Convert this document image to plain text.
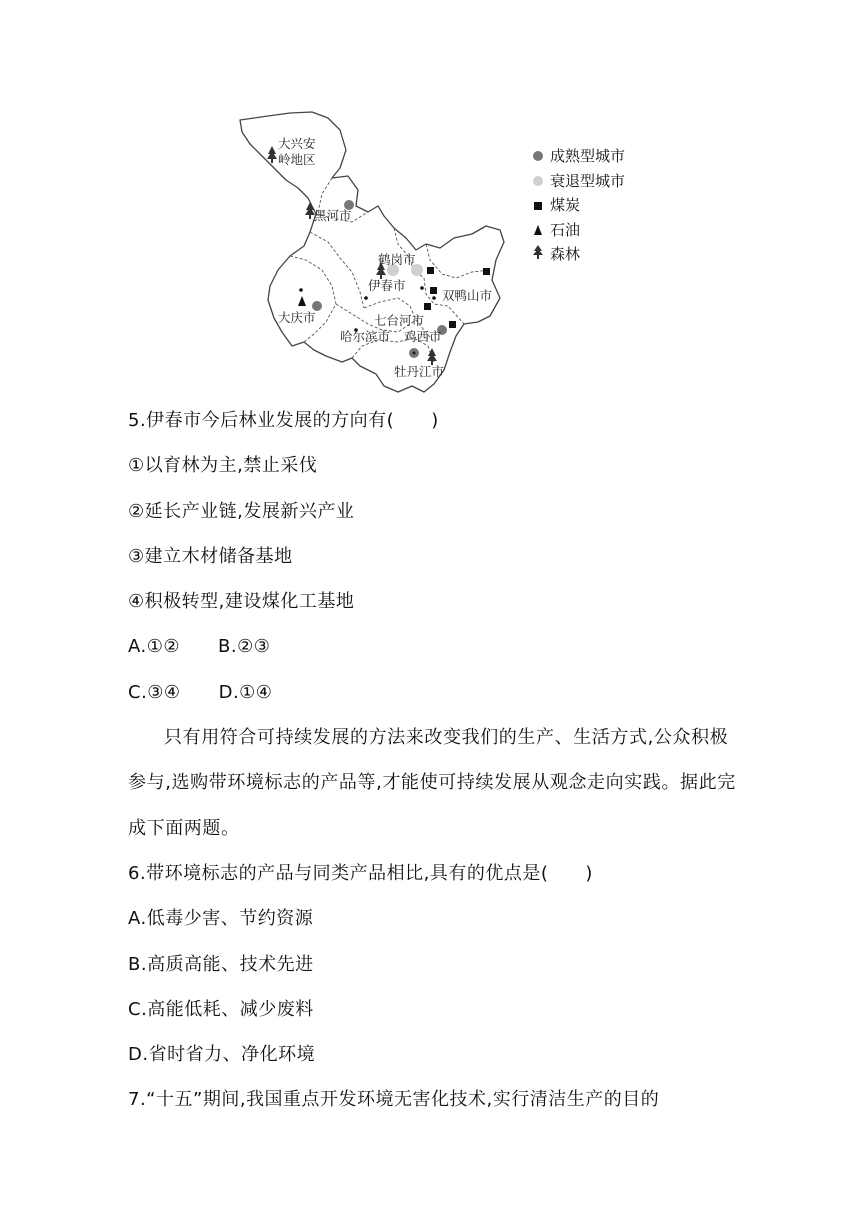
大兴安
岭地区
黑河市
鹤岗市
伊春市
双鸭山市
大庆市	七台河市
哈尔滨市 鸡西市
牡丹江市
成熟型城市
衰退型城市
煤炭
石油
森林
5.伊春市今后林业发展的方向有(　　)
①以育林为主,禁止采伐
②延长产业链,发展新兴产业
③建立木材储备基地
④积极转型,建设煤化工基地
A.①② B.②③
C.③④ D.①④
只有用符合可持续发展的方法来改变我们的生产、生活方式,公众积极参与,选购带环境标志的产品等,才能使可持续发展从观念走向实践。据此完成下面两题。
6.带环境标志的产品与同类产品相比,具有的优点是(　　)
A.低毒少害、节约资源
B.高质高能、技术先进
C.高能低耗、减少废料
D.省时省力、净化环境
7.“十五”期间,我国重点开发环境无害化技术,实行清洁生产的目的
